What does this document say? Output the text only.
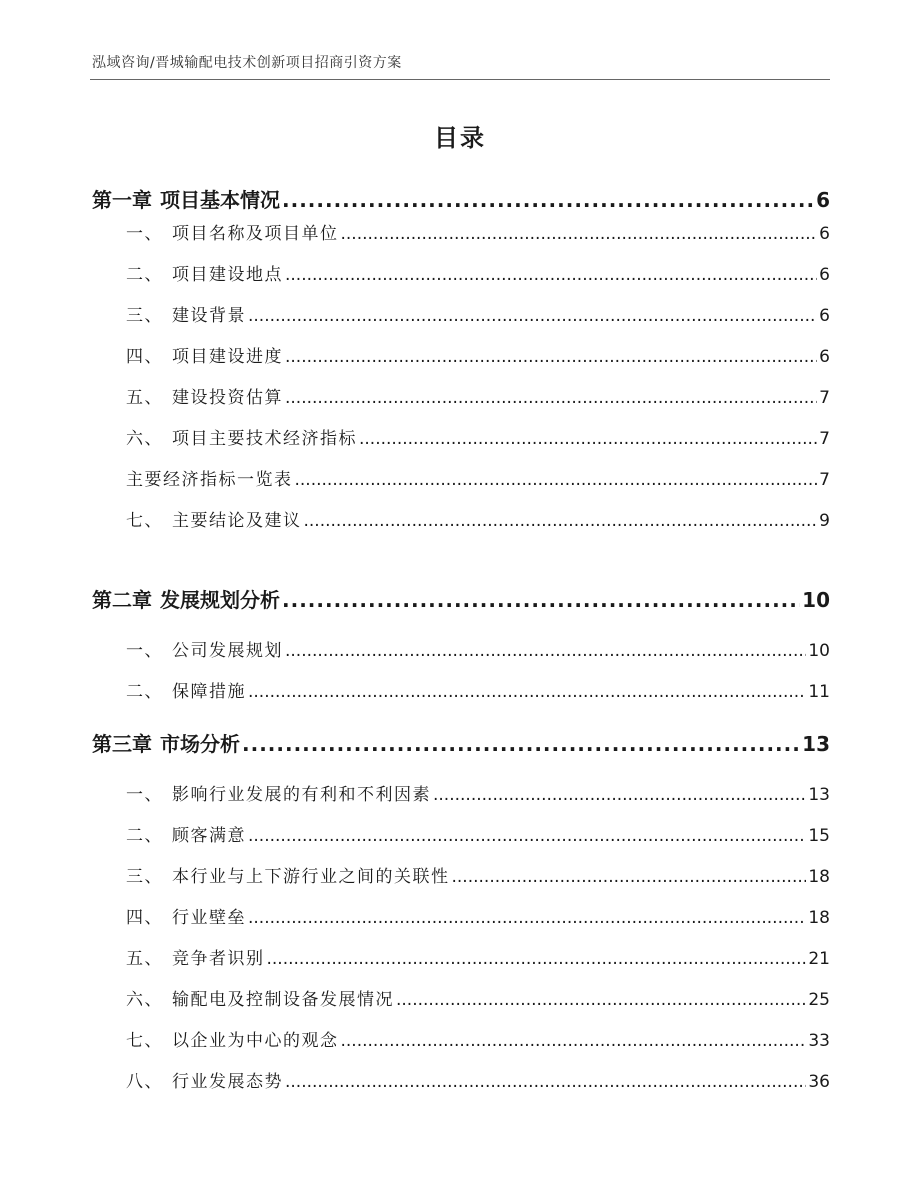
泓域咨询/晋城输配电技术创新项目招商引资方案
目录
第一章 项目基本情况 .....	6
一、 项目名称及项目单位 .....	6
二、 项目建设地点 .....	6
三、 建设背景 .....	6
四、 项目建设进度 .....	6
五、 建设投资估算 .....	7
六、 项目主要技术经济指标 .....	7
主要经济指标一览表 .....	7
七、 主要结论及建议 .....	9
第二章 发展规划分析 .....	10
一、 公司发展规划 .....	10
二、 保障措施 .....	11
第三章 市场分析 .....	13
一、 影响行业发展的有利和不利因素 .....	13
二、 顾客满意 .....	15
三、 本行业与上下游行业之间的关联性 .....	18
四、 行业壁垒 .....	18
五、 竞争者识别 .....	21
六、 输配电及控制设备发展情况 .....	25
七、 以企业为中心的观念 .....	33
八、 行业发展态势 .....	36
